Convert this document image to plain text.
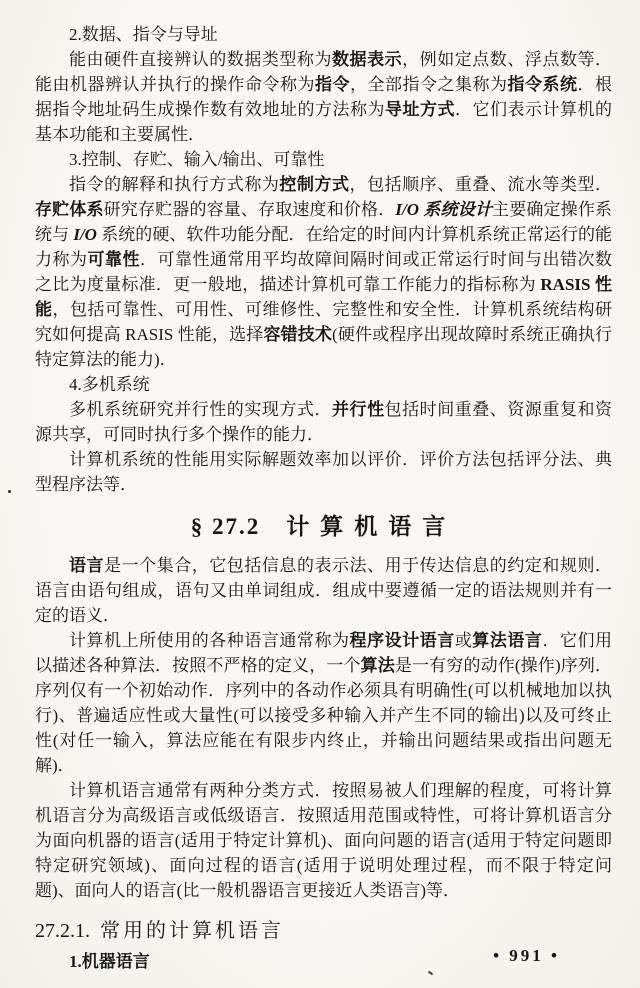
2.数据、指令与导址

能由硬件直接辨认的数据类型称为数据表示，例如定点数、浮点数等．能由机器辨认并执行的操作命令称为指令，全部指令之集称为指令系统．根据指令地址码生成操作数有效地址的方法称为导址方式．它们表示计算机的基本功能和主要属性．

3.控制、存贮、输入/输出、可靠性

指令的解释和执行方式称为控制方式，包括顺序、重叠、流水等类型．存贮体系研究存贮器的容量、存取速度和价格．I/O 系统设计主要确定操作系统与 I/O 系统的硬、软件功能分配．在给定的时间内计算机系统正常运行的能力称为可靠性．可靠性通常用平均故障间隔时间或正常运行时间与出错次数之比为度量标准．更一般地，描述计算机可靠工作能力的指标称为 RASIS 性能，包括可靠性、可用性、可维修性、完整性和安全性．计算机系统结构研究如何提高 RASIS 性能，选择容错技术(硬件或程序出现故障时系统正确执行特定算法的能力)．

4.多机系统

多机系统研究并行性的实现方式．并行性包括时间重叠、资源重复和资源共享，可同时执行多个操作的能力．

计算机系统的性能用实际解题效率加以评价．评价方法包括评分法、典型程序法等．

§ 27.2 计算机语言

语言是一个集合，它包括信息的表示法、用于传达信息的约定和规则．语言由语句组成，语句又由单词组成．组成中要遵循一定的语法规则并有一定的语义．

计算机上所使用的各种语言通常称为程序设计语言或算法语言．它们用以描述各种算法．按照不严格的定义，一个算法是一有穷的动作(操作)序列．序列仅有一个初始动作．序列中的各动作必须具有明确性(可以机械地加以执行)、普遍适应性或大量性(可以接受多种输入并产生不同的输出)以及可终止性(对任一输入，算法应能在有限步内终止，并输出问题结果或指出问题无解)．

计算机语言通常有两种分类方式．按照易被人们理解的程度，可将计算机语言分为高级语言或低级语言．按照适用范围或特性，可将计算机语言分为面向机器的语言(适用于特定计算机)、面向问题的语言(适用于特定问题即特定研究领域)、面向过程的语言(适用于说明处理过程，而不限于特定问题)、面向人的语言(比一般机器语言更接近人类语言)等．

27.2.1. 常用的计算机语言

1.机器语言	• 991 •
